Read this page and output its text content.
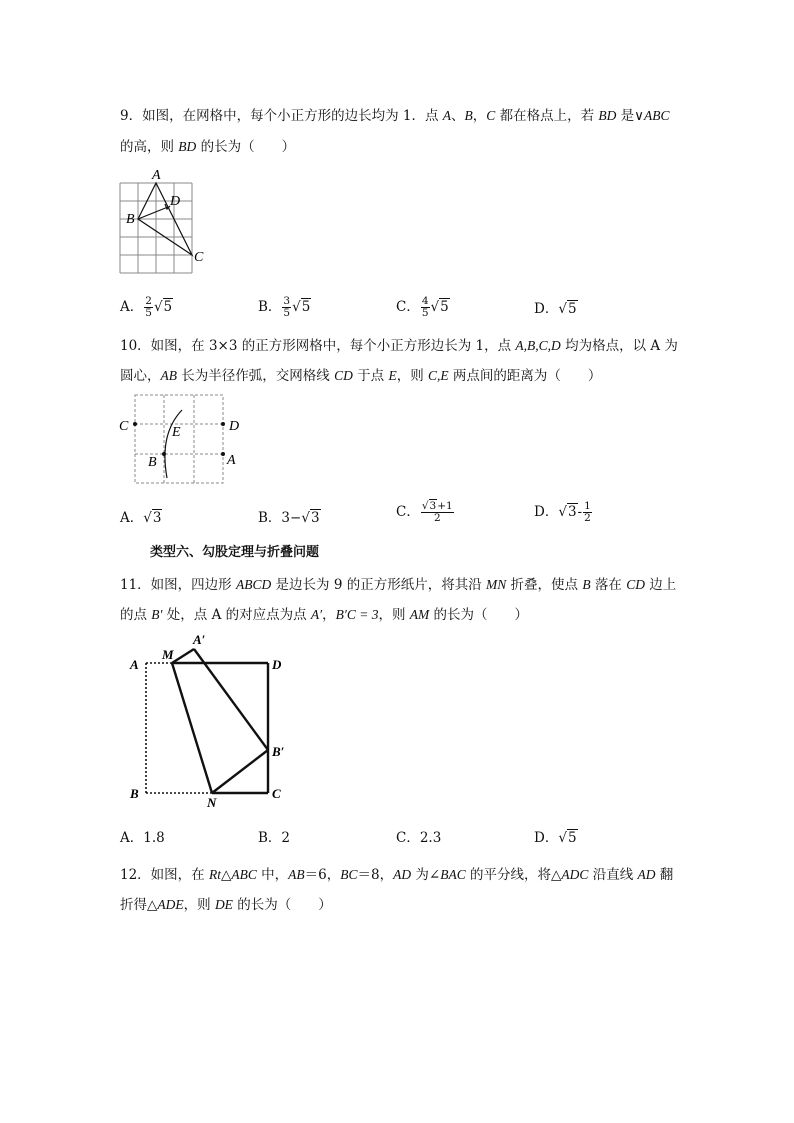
9．如图，在网格中，每个小正方形的边长均为 1．点 A、B，C 都在格点上，若 BD 是∨ABC
的高，则 BD 的长为（　　）
A
B
C
D
A． $\frac{2}{5} √5$	B． $\frac{3}{5} √5$	C． $\frac{4}{5} √5$	D．√5
10．如图，在 3×3 的正方形网格中，每个小正方形边长为 1，点 A,B,C,D 均为格点，以 A 为
圆心，AB 长为半径作弧，交网格线 CD 于点 E，则 C,E 两点间的距离为（　　）
C	D
A
B
E
A．√3	B．3−√3	C． $\frac{√3+1}{2}$	D．$√3- \frac{1}{2}$
类型六、勾股定理与折叠问题
11．如图，四边形 ABCD 是边长为 9 的正方形纸片，将其沿 MN 折叠，使点 B 落在 CD 边上
的点 B′ 处，点 A 的对应点为点 A′，B′C = 3，则 AM 的长为（　　）
A
M
A′
D
B′
B
N
C
A．1.8	B．2	C．2.3	D．√5
12．如图，在 Rt△ABC 中，AB＝6，BC＝8，AD 为∠BAC 的平分线，将△ADC 沿直线 AD 翻
折得△ADE，则 DE 的长为（　　）
